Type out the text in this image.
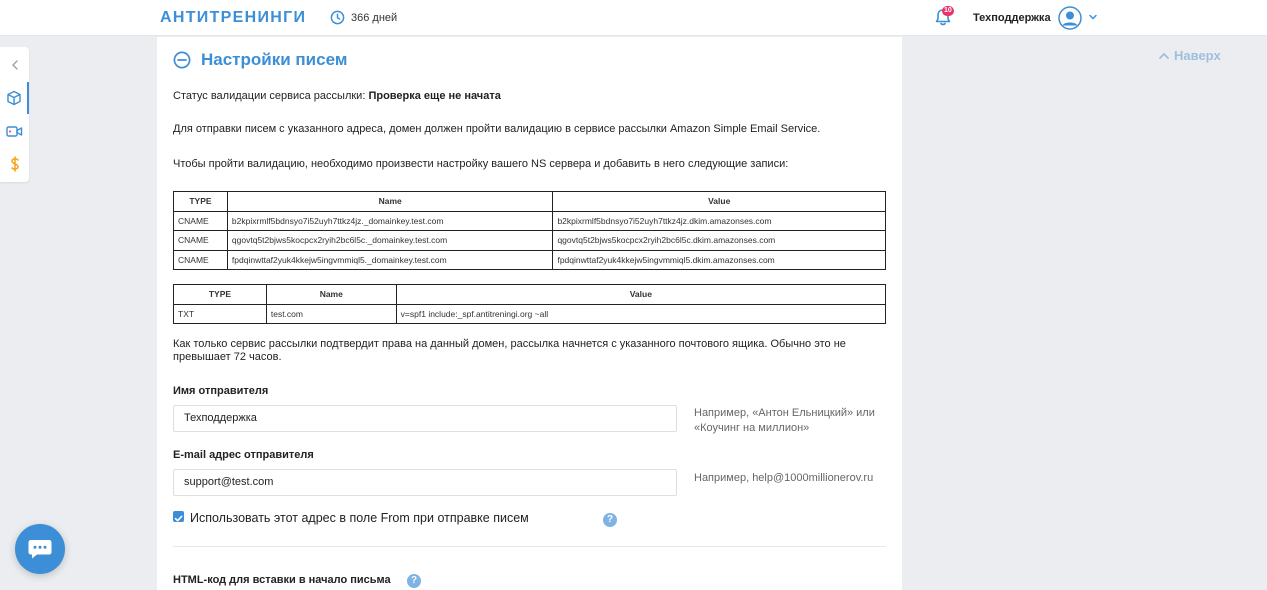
АНТИТРЕНИНГИ	366 дней
10
Техподдержка
Настройки писем
Статус валидации сервиса рассылки: Проверка еще не начата
Для отправки писем с указанного адреса, домен должен пройти валидацию в сервисе рассылки Amazon Simple Email Service.
Чтобы пройти валидацию, необходимо произвести настройку вашего NS сервера и добавить в него следующие записи:
TYPE	Name	Value
CNAME	b2kpixrmlf5bdnsyo7i52uyh7ttkz4jz._domainkey.test.com	b2kpixrmlf5bdnsyo7i52uyh7ttkz4jz.dkim.amazonses.com
CNAME	qgovtq5t2bjws5kocpcx2ryih2bc6l5c._domainkey.test.com	qgovtq5t2bjws5kocpcx2ryih2bc6l5c.dkim.amazonses.com
CNAME	fpdqinwttaf2yuk4kkejw5ingvmmiql5._domainkey.test.com	fpdqinwttaf2yuk4kkejw5ingvmmiql5.dkim.amazonses.com
TYPE	Name	Value
TXT	test.com	v=spf1 include:_spf.antitreningi.org ~all
Как только сервис рассылки подтвердит права на данный домен, рассылка начнется с указанного почтового ящика. Обычно это не превышает 72 часов.
Имя отправителя
Техподдержка	Например, «Антон Ельницкий» или
«Коучинг на миллион»
E-mail адрес отправителя
support@test.com	Например, help@1000millionerov.ru
Использовать этот адрес в поле From при отправке писем	?
HTML-код для вставки в начало письма	?
Наверх
